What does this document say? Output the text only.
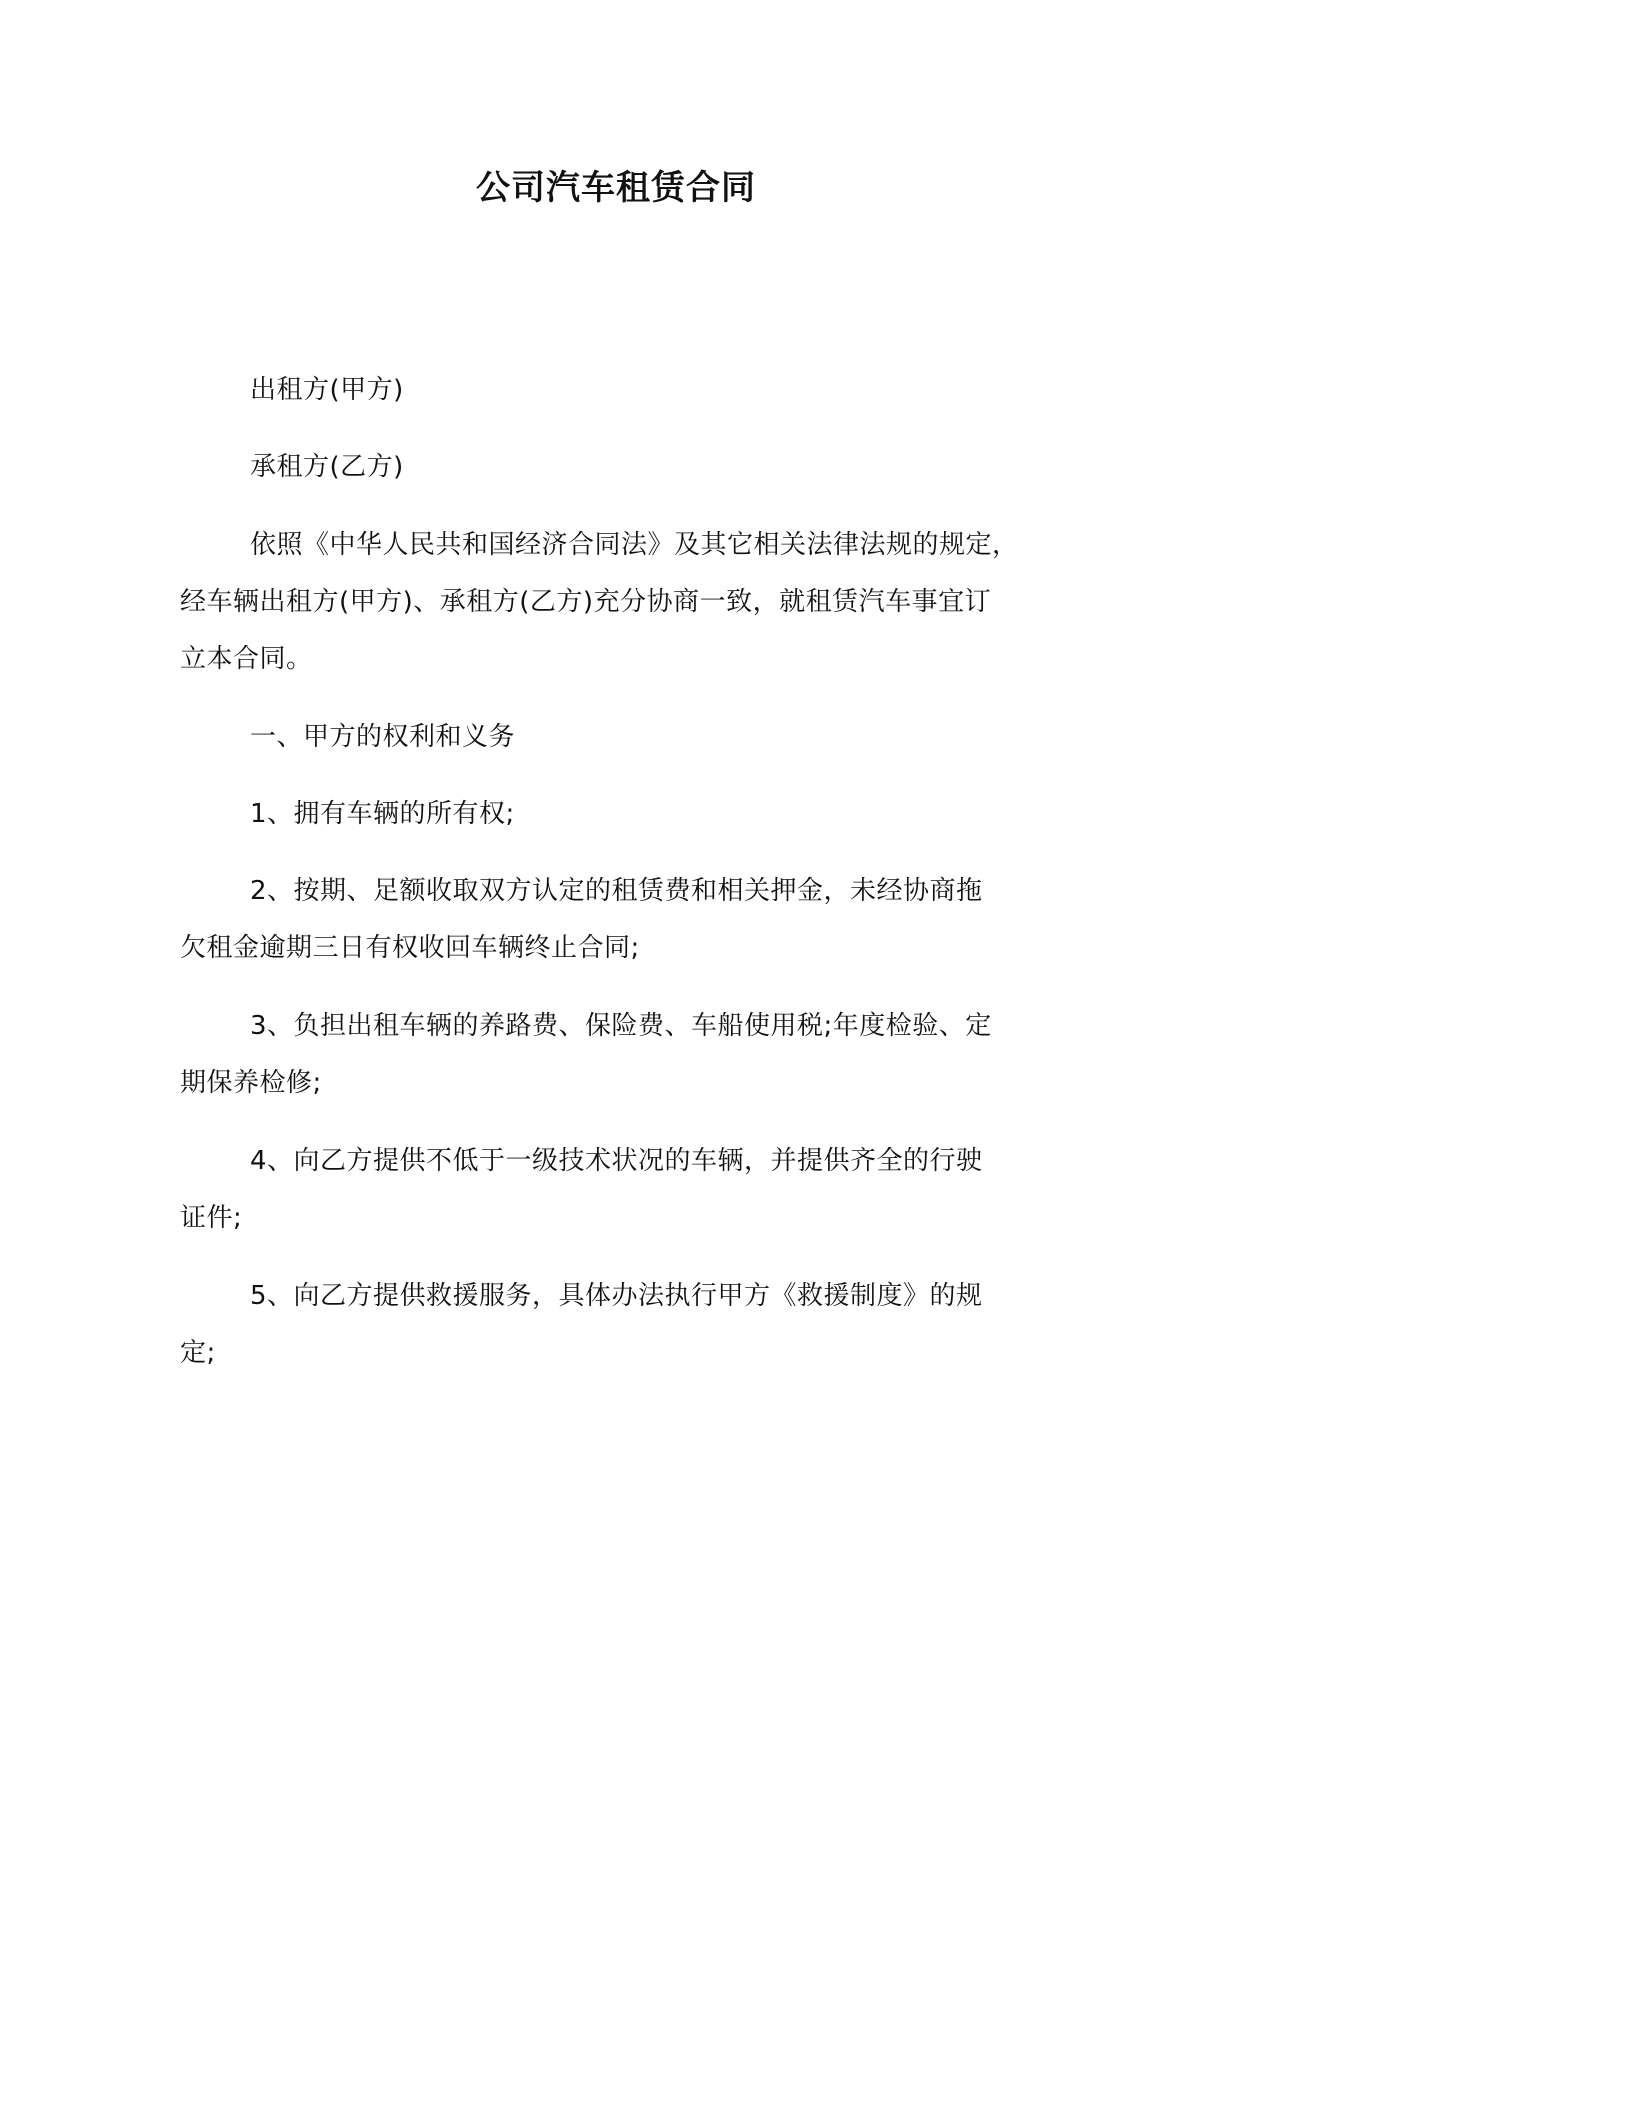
公司汽车租赁合同

出租方(甲方)

承租方(乙方)

依照《中华人民共和国经济合同法》及其它相关法律法规的规定，
经车辆出租方(甲方)、承租方(乙方)充分协商一致，就租赁汽车事宜订
立本合同。

一、甲方的权利和义务

1、拥有车辆的所有权;
2、按期、足额收取双方认定的租赁费和相关押金，未经协商拖
欠租金逾期三日有权收回车辆终止合同;
3、负担出租车辆的养路费、保险费、车船使用税;年度检验、定
期保养检修;
4、向乙方提供不低于一级技术状况的车辆，并提供齐全的行驶
证件;
5、向乙方提供救援服务，具体办法执行甲方《救援制度》的规
定;
